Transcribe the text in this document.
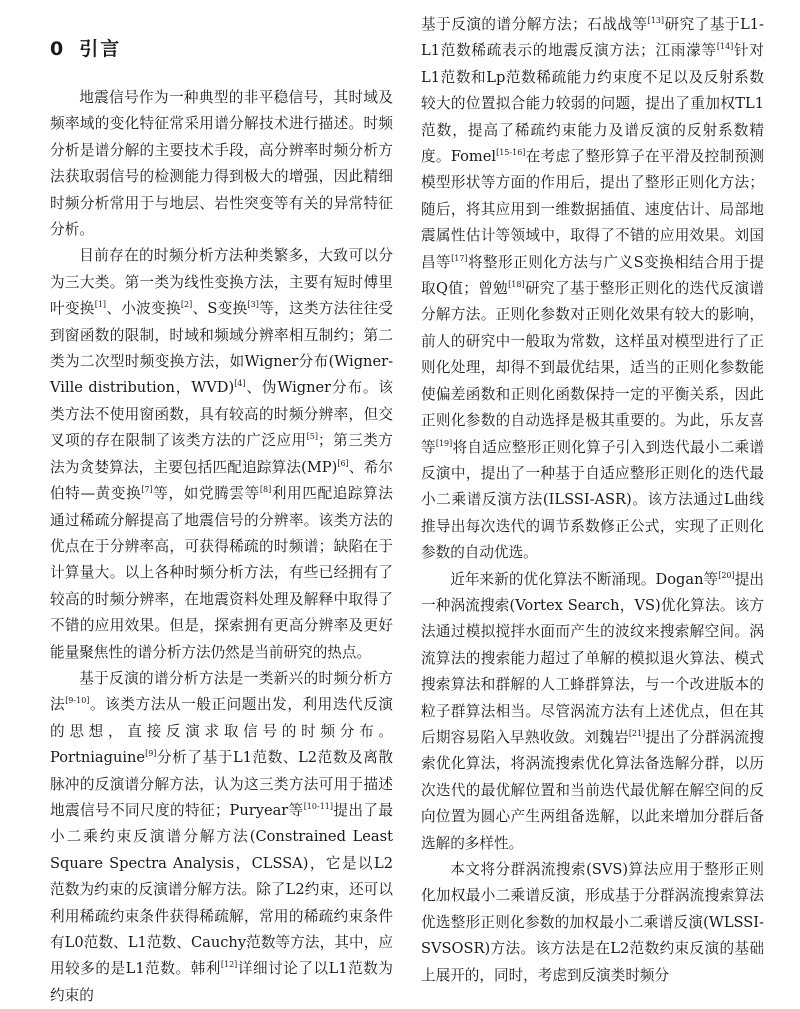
0 引言

地震信号作为一种典型的非平稳信号，其时域及频率域的变化特征常采用谱分解技术进行描述。时频分析是谱分解的主要技术手段，高分辨率时频分析方法获取弱信号的检测能力得到极大的增强，因此精细时频分析常用于与地层、岩性突变等有关的异常特征分析。

目前存在的时频分析方法种类繁多，大致可以分为三大类。第一类为线性变换方法，主要有短时傅里叶变换[1]、小波变换[2]、S变换[3]等，这类方法往往受到窗函数的限制，时域和频域分辨率相互制约；第二类为二次型时频变换方法，如Wigner分布(Wigner-Ville distribution，WVD)[4]、伪Wigner分布。该类方法不使用窗函数，具有较高的时频分辨率，但交叉项的存在限制了该类方法的广泛应用[5]；第三类方法为贪婪算法，主要包括匹配追踪算法(MP)[6]、希尔伯特—黄变换[7]等，如党腾雲等[8]利用匹配追踪算法通过稀疏分解提高了地震信号的分辨率。该类方法的优点在于分辨率高，可获得稀疏的时频谱；缺陷在于计算量大。以上各种时频分析方法，有些已经拥有了较高的时频分辨率，在地震资料处理及解释中取得了不错的应用效果。但是，探索拥有更高分辨率及更好能量聚焦性的谱分析方法仍然是当前研究的热点。

基于反演的谱分析方法是一类新兴的时频分析方法[9-10]。该类方法从一般正问题出发，利用迭代反演的思想，直接反演求取信号的时频分布。Portniaguine[9]分析了基于L1范数、L2范数及离散脉冲的反演谱分解方法，认为这三类方法可用于描述地震信号不同尺度的特征；Puryear等[10-11]提出了最小二乘约束反演谱分解方法(Constrained Least Square Spectra Analysis，CLSSA)，它是以L2范数为约束的反演谱分解方法。除了L2约束，还可以利用稀疏约束条件获得稀疏解，常用的稀疏约束条件有L0范数、L1范数、Cauchy范数等方法，其中，应用较多的是L1范数。韩利[12]详细讨论了以L1范数为约束的

基于反演的谱分解方法；石战战等[13]研究了基于L1-L1范数稀疏表示的地震反演方法；江雨濛等[14]针对L1范数和Lp范数稀疏能力约束度不足以及反射系数较大的位置拟合能力较弱的问题，提出了重加权TL1范数，提高了稀疏约束能力及谱反演的反射系数精度。Fomel[15-16]在考虑了整形算子在平滑及控制预测模型形状等方面的作用后，提出了整形正则化方法；随后，将其应用到一维数据插值、速度估计、局部地震属性估计等领域中，取得了不错的应用效果。刘国昌等[17]将整形正则化方法与广义S变换相结合用于提取Q值；曾勉[18]研究了基于整形正则化的迭代反演谱分解方法。正则化参数对正则化效果有较大的影响，前人的研究中一般取为常数，这样虽对模型进行了正则化处理，却得不到最优结果，适当的正则化参数能使偏差函数和正则化函数保持一定的平衡关系，因此正则化参数的自动选择是极其重要的。为此，乐友喜等[19]将自适应整形正则化算子引入到迭代最小二乘谱反演中，提出了一种基于自适应整形正则化的迭代最小二乘谱反演方法(ILSSI-ASR)。该方法通过L曲线推导出每次迭代的调节系数修正公式，实现了正则化参数的自动优选。

近年来新的优化算法不断涌现。Dogan等[20]提出一种涡流搜索(Vortex Search，VS)优化算法。该方法通过模拟搅拌水面而产生的波纹来搜索解空间。涡流算法的搜索能力超过了单解的模拟退火算法、模式搜索算法和群解的人工蜂群算法，与一个改进版本的粒子群算法相当。尽管涡流方法有上述优点，但在其后期容易陷入早熟收敛。刘魏岩[21]提出了分群涡流搜索优化算法，将涡流搜索优化算法备选解分群，以历次迭代的最优解位置和当前迭代最优解在解空间的反向位置为圆心产生两组备选解，以此来增加分群后备选解的多样性。

本文将分群涡流搜索(SVS)算法应用于整形正则化加权最小二乘谱反演，形成基于分群涡流搜索算法优选整形正则化参数的加权最小二乘谱反演(WLSSI-SVSOSR)方法。该方法是在L2范数约束反演的基础上展开的，同时，考虑到反演类时频分
